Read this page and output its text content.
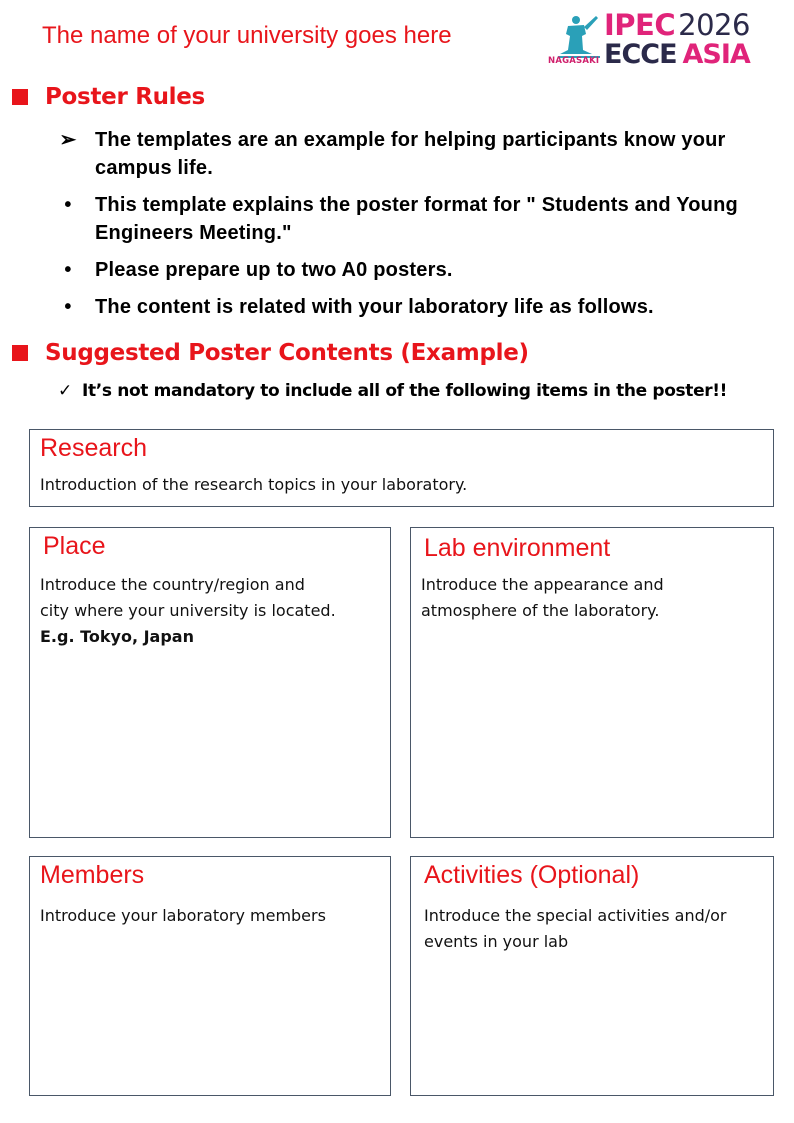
The name of your university goes here	IPEC 2026
ECCE ASIA
NAGASAKI
Poster Rules
➢ The templates are an example for helping participants know your campus life.
•	This template explains the poster format for " Students and Young Engineers Meeting."
•	Please prepare up to two A0 posters.
•	The content is related with your laboratory life as follows.
Suggested Poster Contents (Example)
✓ It’s not mandatory to include all of the following items in the poster!!
Research
Introduction of the research topics in your laboratory.
Place
Introduce the country/region and
city where your university is located.
E.g. Tokyo, Japan
Lab environment
Introduce the appearance and
atmosphere of the laboratory.
Members
Introduce your laboratory members
Activities (Optional)
Introduce the special activities and/or
events in your lab
